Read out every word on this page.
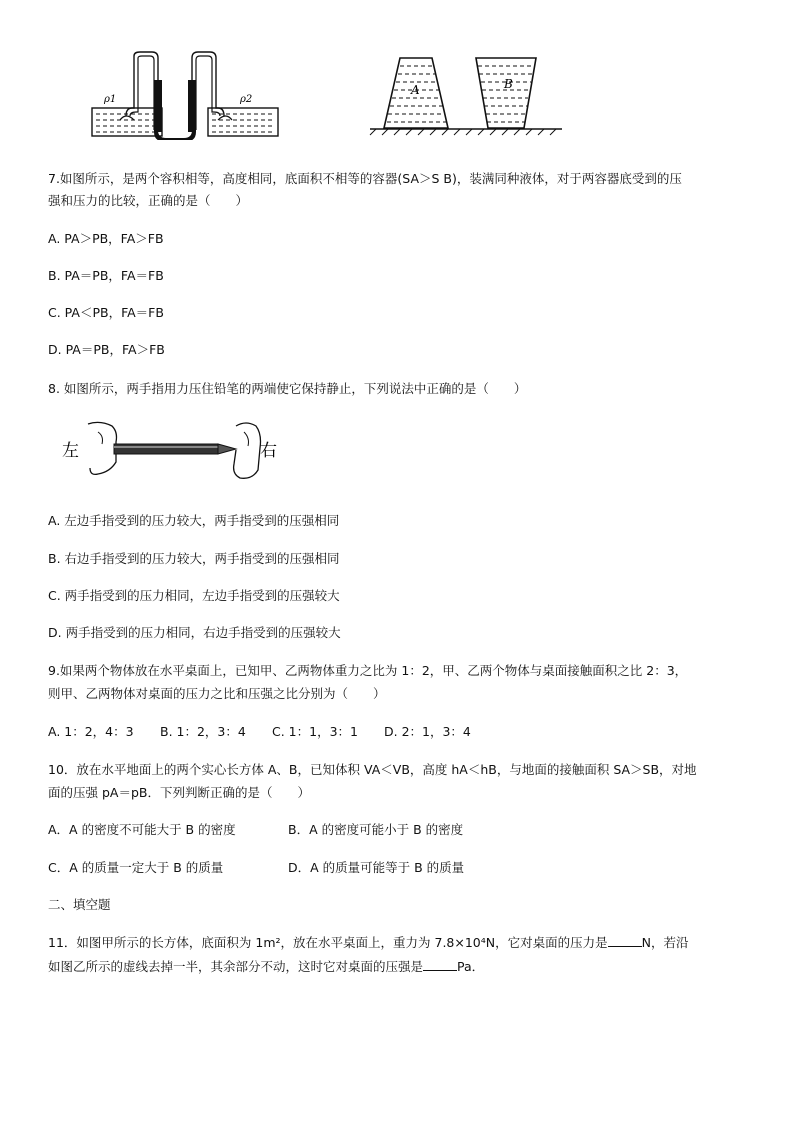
ρ1	ρ2
A	B
7.如图所示，是两个容积相等，高度相同，底面积不相等的容器(SA＞S B)，装满同种液体，对于两容器底受到的压
强和压力的比较，正确的是（　　）
A. PA＞PB，FA＞FB
B. PA＝PB，FA＝FB
C. PA＜PB，FA＝FB
D. PA＝PB，FA＞FB
8. 如图所示，两手指用力压住铅笔的两端使它保持静止，下列说法中正确的是（　　）
左	右
A. 左边手指受到的压力较大，两手指受到的压强相同
B. 右边手指受到的压力较大，两手指受到的压强相同
C. 两手指受到的压力相同，左边手指受到的压强较大
D. 两手指受到的压力相同，右边手指受到的压强较大
9.如果两个物体放在水平桌面上，已知甲、乙两物体重力之比为 1：2，甲、乙两个物体与桌面接触面积之比 2：3，
则甲、乙两物体对桌面的压力之比和压强之比分别为（　　）
A. 1：2，4：3 B. 1：2，3：4 C. 1：1，3：1 D. 2：1，3：4
10．放在水平地面上的两个实心长方体 A、B，已知体积 VA＜VB，高度 hA＜hB，与地面的接触面积 SA＞SB，对地
面的压强 pA＝pB．下列判断正确的是（　　）
A．A 的密度不可能大于 B 的密度	B．A 的密度可能小于 B 的密度
C．A 的质量一定大于 B 的质量	D．A 的质量可能等于 B 的质量
二、填空题
11．如图甲所示的长方体，底面积为 1m²，放在水平桌面上，重力为 7.8×10⁴N，它对桌面的压力是	N，若沿
如图乙所示的虚线去掉一半，其余部分不动，这时它对桌面的压强是	Pa．
